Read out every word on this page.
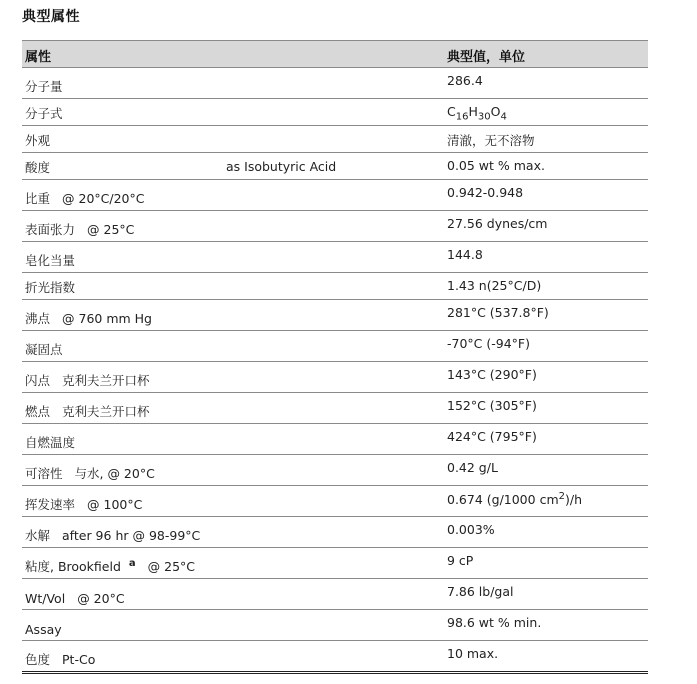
典型属性
属性	典型值，单位
分子量	286.4
分子式	$C_{16}H_{30}O_4$
外观	清澈，无不溶物
酸度	as Isobutyric Acid	0.05 wt % max.
比重 @ 20°C/20°C	0.942-0.948
表面张力 @ 25°C	27.56 dynes/cm
皂化当量	144.8
折光指数	1.43 n(25°C/D)
沸点 @ 760 mm Hg	281°C (537.8°F)
凝固点	-70°C (-94°F)
闪点 克利夫兰开口杯	143°C (290°F)
燃点 克利夫兰开口杯	152°C (305°F)
自燃温度	424°C (795°F)
可溶性 与水, @ 20°C	0.42 g/L
挥发速率 @ 100°C	0.674 (g/1000 $cm^2)/h$
水解 after 96 hr @ 98-99°C	0.003%
粘度, Brookfield $^a$ @ 25°C	9 cP
Wt/Vol @ 20°C	7.86 lb/gal
Assay	98.6 wt % min.
色度 Pt-Co	10 max.
